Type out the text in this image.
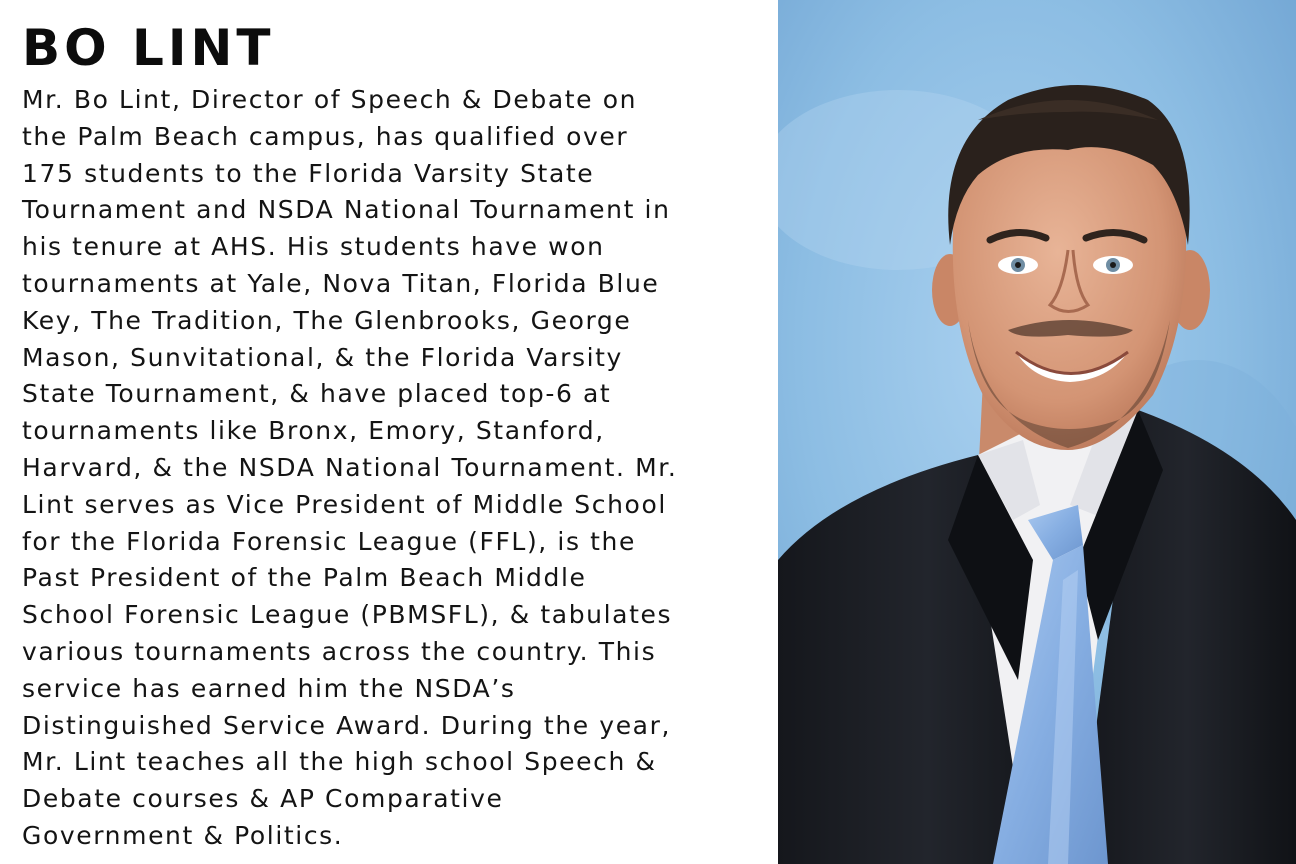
BO LINT

Mr. Bo Lint, Director of Speech & Debate on
the Palm Beach campus, has qualified over
175 students to the Florida Varsity State
Tournament and NSDA National Tournament in
his tenure at AHS. His students have won
tournaments at Yale, Nova Titan, Florida Blue
Key, The Tradition, The Glenbrooks, George
Mason, Sunvitational, & the Florida Varsity
State Tournament, & have placed top-6 at
tournaments like Bronx, Emory, Stanford,
Harvard, & the NSDA National Tournament. Mr.
Lint serves as Vice President of Middle School
for the Florida Forensic League (FFL), is the
Past President of the Palm Beach Middle
School Forensic League (PBMSFL), & tabulates
various tournaments across the country. This
service has earned him the NSDA’s
Distinguished Service Award. During the year,
Mr. Lint teaches all the high school Speech &
Debate courses & AP Comparative
Government & Politics.
